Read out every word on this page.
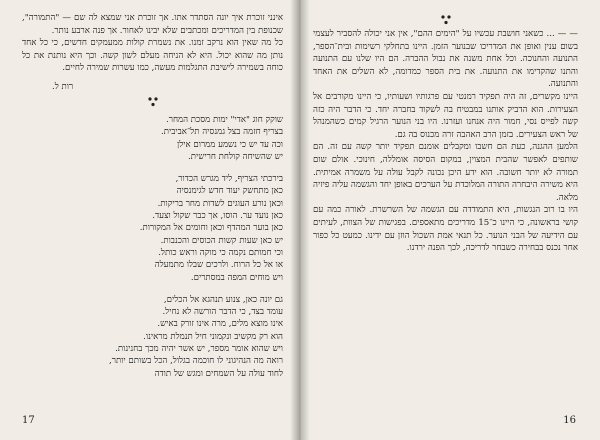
אינני זוכרת איך יונה הסתדר אתו. אך זוכרת אני שמצא לה שם — "התמורה", שכנופת בין המדריכים ומכתבים שלא יבינו לאחור. אך פנה ארבע נותר.

כל מה שאין הוא נרקב זמנו. את נשמרת קולות ממעמקים חדשים, כי כל אחד נותן מה שהוא יכול. היא לא הניחה מעלם לשון קשה. וכך היא נותנת את כל כוחה בשמירה לישיבת התגלמות מעשה, כמו עשרות שמירה לחיים.

רות ל.
שוקק חוג "אדי" ימות מסכת המחר.
בצריף חזמה בצל גמנסיה תל־אביבית.
וכה עד יש כי נשמע ממרום אילן
יש שהשיחה קולחת חרישית.
בירכתי הצריף, ליד מגרש הכדור,
כאן מתחשק יעוד חדש לגימנסיה
וכאן נורע העוגים לשדות מחר בריקות.
כאן נועד ער. הוסו, אך כבר שקול וצעד.
כאן בוער המהדף וכאן וחומים אל המקורות.
יש כאן שעות קשות הכוסים והכנבות.
וכי חמותם נקמה כי מוקה וראש כותל.
או אל כל הרוח. ולרכים שבלו מתמעלה
ויש מוחים המפה במסתרים.
גם יונה כאן, צנוע תנהגא אל הכלים,
עומד בצד, כי הדבר הורשה לא נחיל.
אינו מוצא מלים, מרה אינו זורק באיש.
הוא רק מקשיב ונקמוני חיל תנמלת מראינו.
ויש שהוא אומר מספר, יש אשר יהיה מכך בחנינות.
רואה מה הנהיגוני לו חוכמה בגלול, הכל בשותם יותר,
לחוד עולה על השמחים ומגש של תודה
17

— — ... כשאני חושבת עכשיו על "הימים ההם", אין אני יכולה להסביר לעצמי בשום ענין ואופן את המדריכו שבנוער הזמן. היינו בתחלקי רשימות ובית־הספר, התנועה והחנוכה. וכל אחת משנה את נבול ההברה. הם היו שלנו עם התנועה והתנו שהקדימו את התנועה. את בית הספר כמדומה, לא השלים את האחד והתנועה.

היינו מקשרים, זה היה תפקיד רמנטי עם פרגותיו ושעותיו, כי היינו מקורבים אל הצעירות. הוא הדביק אותנו במבטיח בה לשקוד בחברה יחד. כי הדבר היה כזה קשה לפייס נסי, חמור היה אנחנו ועזרנו. היו בני הנוער הרגיל קמים כשהמנהל של ראש הצעירים. בזמן הרב האהבה זרה מכנוס בה גם.

הלמען ההגנה, כעת הם חשבו ומקבלים אומנם תפקיד יותר קשה עם זה. הם שותפים לאפשר שהבית המצוין, במקום הסיסה אומללה, חינוכי. אולם שום תמורה לא יותר חשובה. הוא ידע היכן נכונה לקבל עולה על משמרה אמיתית. היא משירה היבחרה התורה המלוכדת על הערכים באופן יחד והגשמה עליה פיזיה מלאה.

היו בו רוב הנגשות, היא התמודדה עם הגשמה של השרשרת. לאורה כמה עם קושי בראשונה, כי היינו כ־15 מדריכים מתאספים. בפגישות של הצוות, לעיתים עם הידיעה של הבני הנוער. כל תנאי אמת השכול הוזן עם ידינו. כמעט כל כפור אחר נכנס בבחירה כשבחר לדריכה, לכך הפנה ירדנו.

16
